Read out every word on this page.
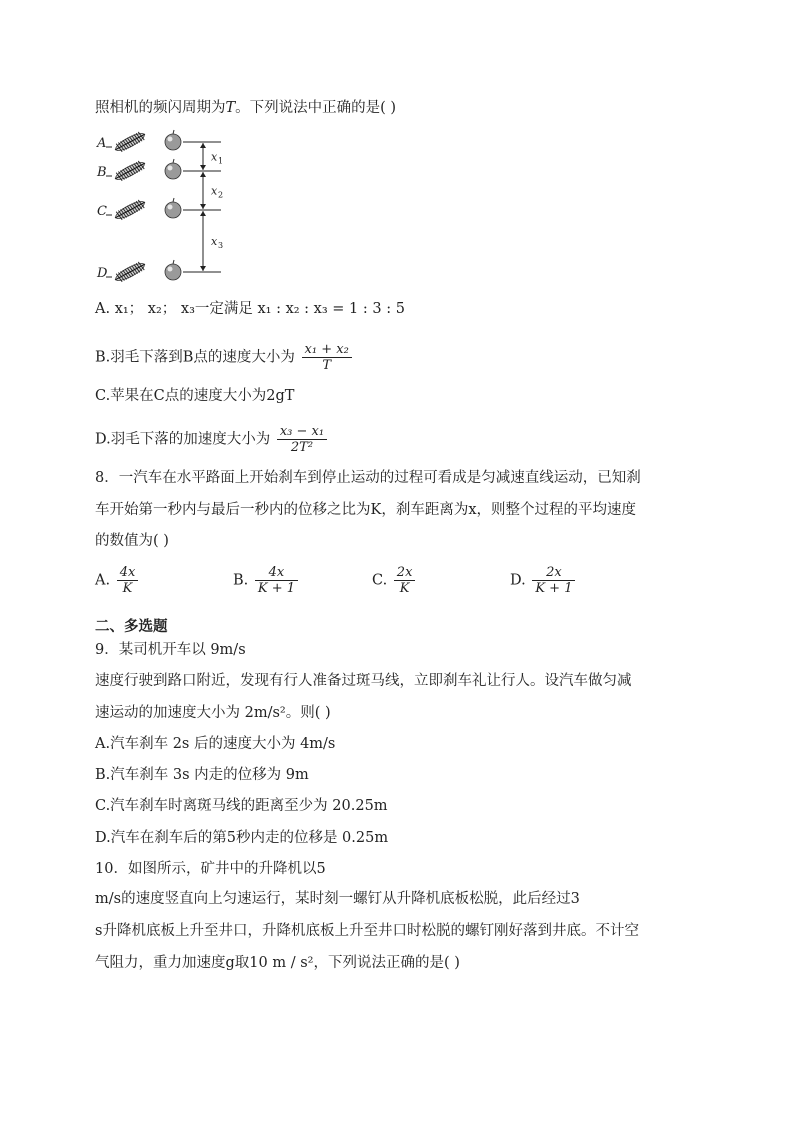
照相机的频闪周期为T。下列说法中正确的是( )
A
B
C
D
x 1
x 2
x 3
A. x₁； x₂； x₃一定满足 x₁ : x₂ : x₃ = 1 : 3 : 5
B.羽毛下落到B点的速度大小为 $\frac{\text{x₁ + x₂}}{T}$
C.苹果在C点的速度大小为2gT
D.羽毛下落的加速度大小为 $\frac{\text{x₃ − x₁}}{\text{2T²}}$
8．一汽车在水平路面上开始刹车到停止运动的过程可看成是匀减速直线运动，已知刹
车开始第一秒内与最后一秒内的位移之比为K，刹车距离为x，则整个过程的平均速度
的数值为( )
A. $\frac{4x}{K}$	B. $\frac{4x}{K + 1}$	C. $\frac{2x}{K}$	D. $\frac{2x}{K + 1}$
二、多选题
9．某司机开车以 9m/s
速度行驶到路口附近，发现有行人准备过斑马线，立即刹车礼让行人。设汽车做匀减
速运动的加速度大小为 2m/s²。则( )
A.汽车刹车 2s 后的速度大小为 4m/s
B.汽车刹车 3s 内走的位移为 9m
C.汽车刹车时离斑马线的距离至少为 20.25m
D.汽车在刹车后的第5秒内走的位移是 0.25m
10．如图所示，矿井中的升降机以5
m/s的速度竖直向上匀速运行，某时刻一螺钉从升降机底板松脱，此后经过3
s升降机底板上升至井口，升降机底板上升至井口时松脱的螺钉刚好落到井底。不计空
气阻力，重力加速度g取10 m / s²，下列说法正确的是( )
